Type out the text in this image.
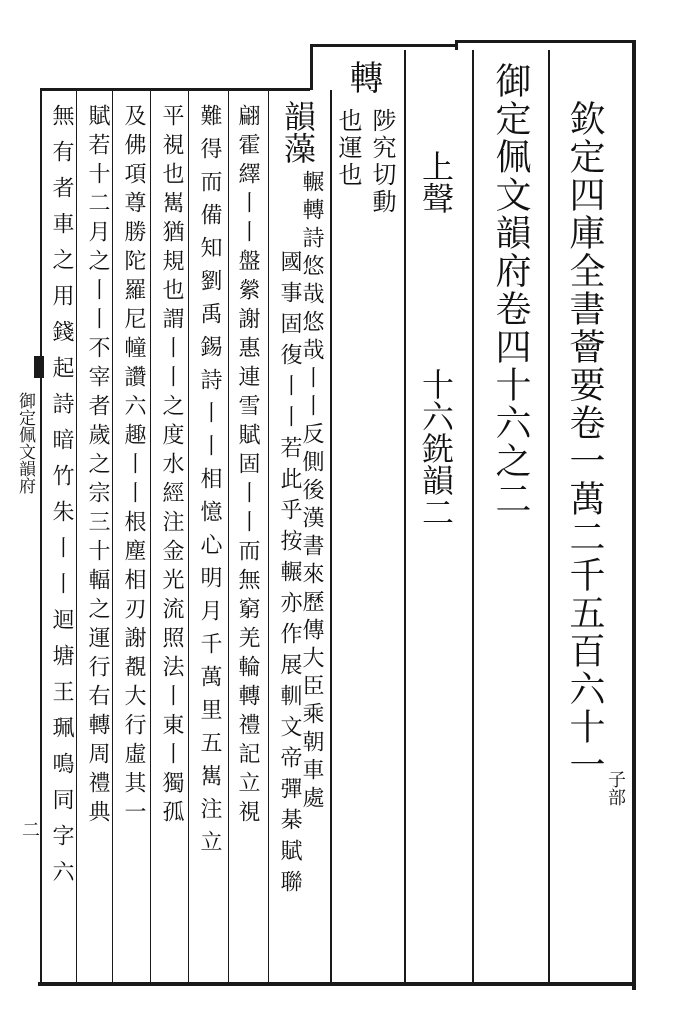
御定佩文韻府
二
欽定四庫全書薈要卷一萬二千五百六十一
子部
御定佩文韻府卷四十六之二
上聲
十六銑韻二
轉
陟究切動
也運也
韻藻
輾轉詩悠哉悠哉丨丨反側後漢書來歷傳大臣乘朝車處
國事固復丨丨若此乎按輾亦作展䡅文帝彈棊賦聯
翩霍繹丨丨盤縈謝惠連雪賦固丨丨而無窮羌輪轉禮記立視
難得而備知劉禹錫詩丨丨相憶心明月千萬里五嶲注立
平視也嶲猶規也謂丨丨之度水經注金光流照法丨東丨獨孤
及佛項尊勝陀羅尼幢讚六趣丨丨根塵相刃謝覩大行虛其一
賦若十二月之丨丨不宰者歲之宗三十輻之運行右轉周禮典
無有者車之用錢起詩暗竹朱丨丨迴塘王珮鳴同字六
